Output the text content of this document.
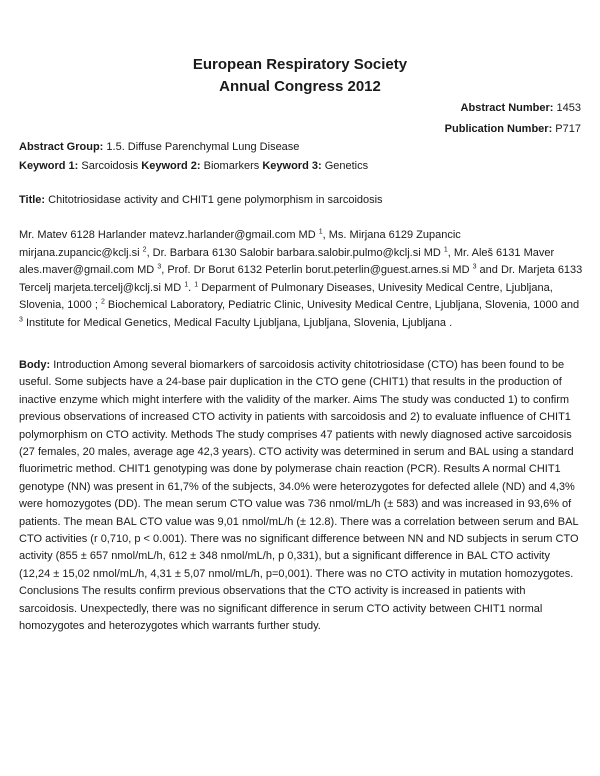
European Respiratory Society
Annual Congress 2012
Abstract Number: 1453
Publication Number: P717
Abstract Group: 1.5. Diffuse Parenchymal Lung Disease
Keyword 1: Sarcoidosis Keyword 2: Biomarkers Keyword 3: Genetics
Title: Chitotriosidase activity and CHIT1 gene polymorphism in sarcoidosis
Mr. Matev 6128 Harlander matevz.harlander@gmail.com MD $^1$, Ms. Mirjana 6129 Zupancic mirjana.zupancic@kclj.si $^2$, Dr. Barbara 6130 Salobir barbara.salobir.pulmo@kclj.si MD $^1$, Mr. Aleš 6131 Maver ales.maver@gmail.com MD $^3$, Prof. Dr Borut 6132 Peterlin borut.peterlin@guest.arnes.si MD $^3$ and Dr. Marjeta 6133 Tercelj marjeta.tercelj@kclj.si MD $^1$. $^1$ Deparment of Pulmonary Diseases, Univesity Medical Centre, Ljubljana, Slovenia, 1000 ; $^2$ Biochemical Laboratory, Pediatric Clinic, Univesity Medical Centre, Ljubljana, Slovenia, 1000 and $^3$ Institute for Medical Genetics, Medical Faculty Ljubljana, Ljubljana, Slovenia, Ljubljana .
Body: Introduction Among several biomarkers of sarcoidosis activity chitotriosidase (CTO) has been found to be useful. Some subjects have a 24-base pair duplication in the CTO gene (CHIT1) that results in the production of inactive enzyme which might interfere with the validity of the marker. Aims The study was conducted 1) to confirm previous observations of increased CTO activity in patients with sarcoidosis and 2) to evaluate influence of CHIT1 polymorphism on CTO activity. Methods The study comprises 47 patients with newly diagnosed active sarcoidosis (27 females, 20 males, average age 42,3 years). CTO activity was determined in serum and BAL using a standard fluorimetric method. CHIT1 genotyping was done by polymerase chain reaction (PCR). Results A normal CHIT1 genotype (NN) was present in 61,7% of the subjects, 34.0% were heterozygotes for defected allele (ND) and 4,3% were homozygotes (DD). The mean serum CTO value was 736 nmol/mL/h (± 583) and was increased in 93,6% of patients. The mean BAL CTO value was 9,01 nmol/mL/h (± 12.8). There was a correlation between serum and BAL CTO activities (r 0,710, p < 0.001). There was no significant difference between NN and ND subjects in serum CTO activity (855 ± 657 nmol/mL/h, 612 ± 348 nmol/mL/h, p 0,331), but a significant difference in BAL CTO activity (12,24 ± 15,02 nmol/mL/h, 4,31 ± 5,07 nmol/mL/h, p=0,001). There was no CTO activity in mutation homozygotes. Conclusions The results confirm previous observations that the CTO activity is increased in patients with sarcoidosis. Unexpectedly, there was no significant difference in serum CTO activity between CHIT1 normal homozygotes and heterozygotes which warrants further study.
